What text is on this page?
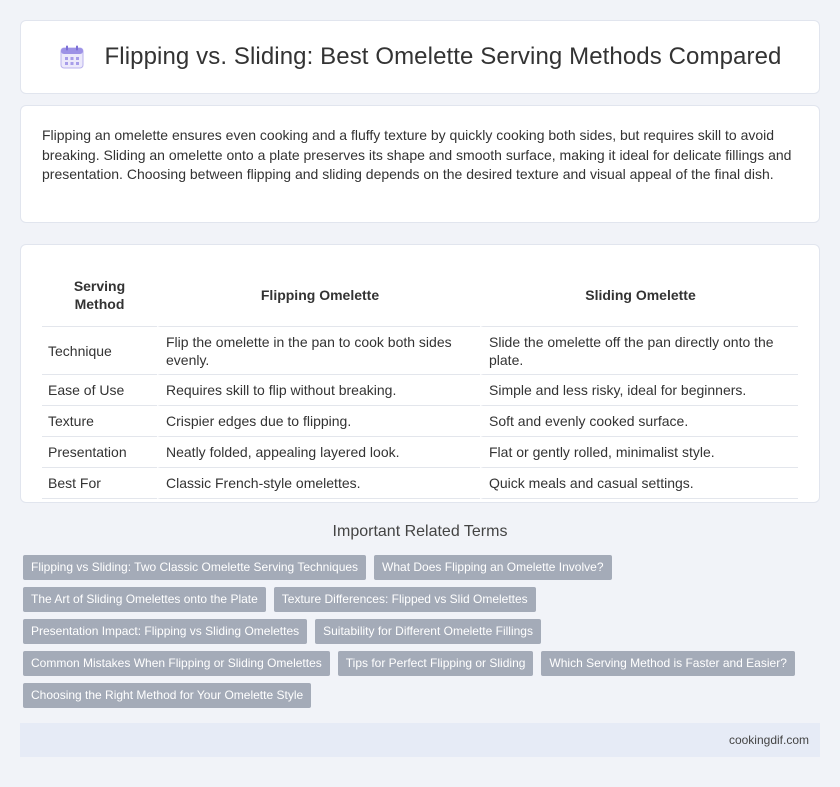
Flipping vs. Sliding: Best Omelette Serving Methods Compared

Flipping an omelette ensures even cooking and a fluffy texture by quickly cooking both sides, but requires skill to avoid breaking. Sliding an omelette onto a plate preserves its shape and smooth surface, making it ideal for delicate fillings and presentation. Choosing between flipping and sliding depends on the desired texture and visual appeal of the final dish.

Serving Method	Flipping Omelette	Sliding Omelette
Technique	Flip the omelette in the pan to cook both sides evenly.	Slide the omelette off the pan directly onto the plate.
Ease of Use	Requires skill to flip without breaking.	Simple and less risky, ideal for beginners.
Texture	Crispier edges due to flipping.	Soft and evenly cooked surface.
Presentation	Neatly folded, appealing layered look.	Flat or gently rolled, minimalist style.
Best For	Classic French-style omelettes.	Quick meals and casual settings.
Important Related Terms
Flipping vs Sliding: Two Classic Omelette Serving Techniques	What Does Flipping an Omelette Involve?
The Art of Sliding Omelettes onto the Plate	Texture Differences: Flipped vs Slid Omelettes
Presentation Impact: Flipping vs Sliding Omelettes	Suitability for Different Omelette Fillings
Common Mistakes When Flipping or Sliding Omelettes	Tips for Perfect Flipping or Sliding	Which Serving Method is Faster and Easier?
Choosing the Right Method for Your Omelette Style
cookingdif.com
